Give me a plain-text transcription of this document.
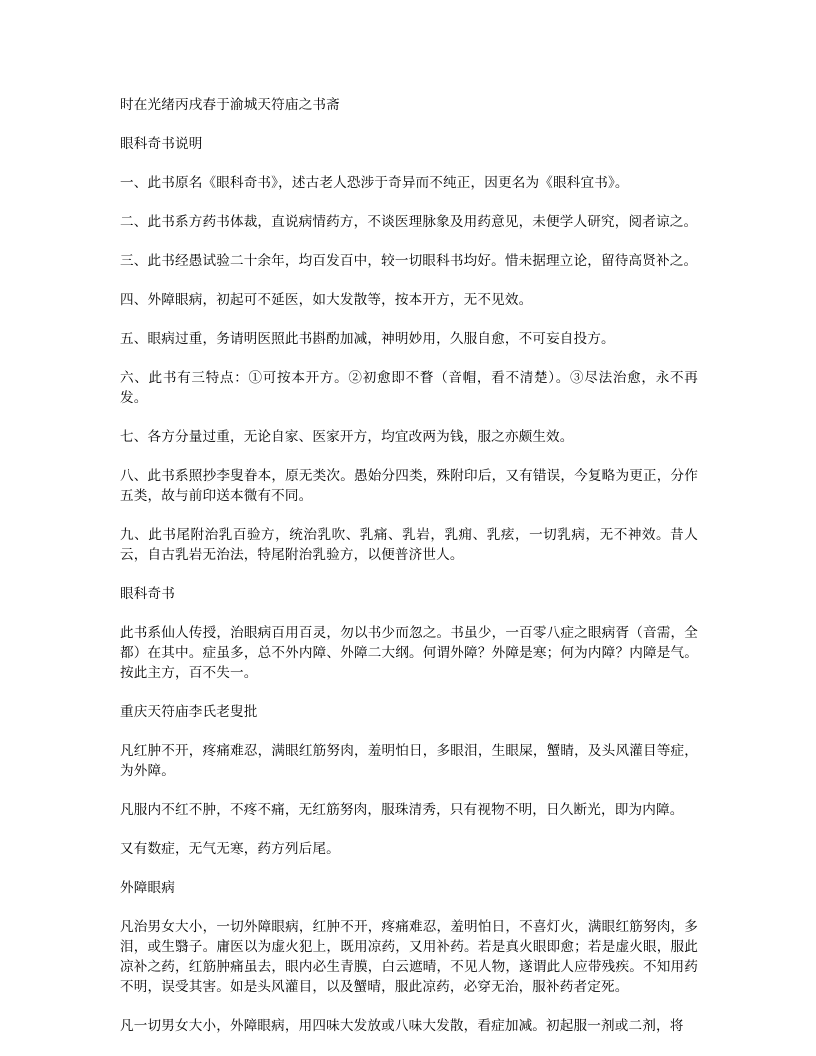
时在光绪丙戌春于渝城天符庙之书斋

眼科奇书说明

一、此书原名《眼科奇书》，述古老人恐涉于奇异而不纯正，因更名为《眼科宜书》。

二、此书系方药书体裁，直说病情药方，不谈医理脉象及用药意见，未便学人研究，阅者谅之。

三、此书经愚试验二十余年，均百发百中，较一切眼科书均好。惜未据理立论，留待高贤补之。

四、外障眼病，初起可不延医，如大发散等，按本开方，无不见效。

五、眼病过重，务请明医照此书斟酌加减，神明妙用，久服自愈，不可妄自投方。

六、此书有三特点：①可按本开方。②初愈即不瞀（音帽，看不清楚）。③尽法治愈，永不再发。

七、各方分量过重，无论自家、医家开方，均宜改两为钱，服之亦颇生效。

八、此书系照抄李叟眷本，原无类次。愚始分四类，殊附印后，又有错误，今复略为更正，分作五类，故与前印送本微有不同。

九、此书尾附治乳百验方，统治乳吹、乳痛、乳岩，乳痈、乳痃，一切乳病，无不神效。昔人云，自古乳岩无治法，特尾附治乳验方，以便普济世人。

眼科奇书

此书系仙人传授，治眼病百用百灵，勿以书少而忽之。书虽少，一百零八症之眼病胥（音需，全都）在其中。症虽多，总不外内障、外障二大纲。何谓外障？外障是寒；何为内障？内障是气。按此主方，百不失一。

重庆天符庙李氏老叟批

凡红肿不开，疼痛难忍，满眼红筋努肉，羞明怕日，多眼泪，生眼屎，蟹睛，及头风灌目等症，为外障。

凡服内不红不肿，不疼不痛，无红筋努肉，服珠清秀，只有视物不明，日久断光，即为内障。

又有数症，无气无寒，药方列后尾。

外障眼病

凡治男女大小，一切外障眼病，红肿不开，疼痛难忍，羞明怕日，不喜灯火，满眼红筋努肉，多泪，或生翳子。庸医以为虚火犯上，既用凉药，又用补药。若是真火眼即愈；若是虚火眼，服此凉补之药，红筋肿痛虽去，眼内必生青膜，白云遮晴，不见人物，遂谓此人应带残疾。不知用药不明，误受其害。如是头风灌目，以及蟹晴，服此凉药，必穿无治，服补药者定死。

凡一切男女大小，外障眼病，用四味大发放或八味大发散，看症加减。初起服一剂或二剂，将
